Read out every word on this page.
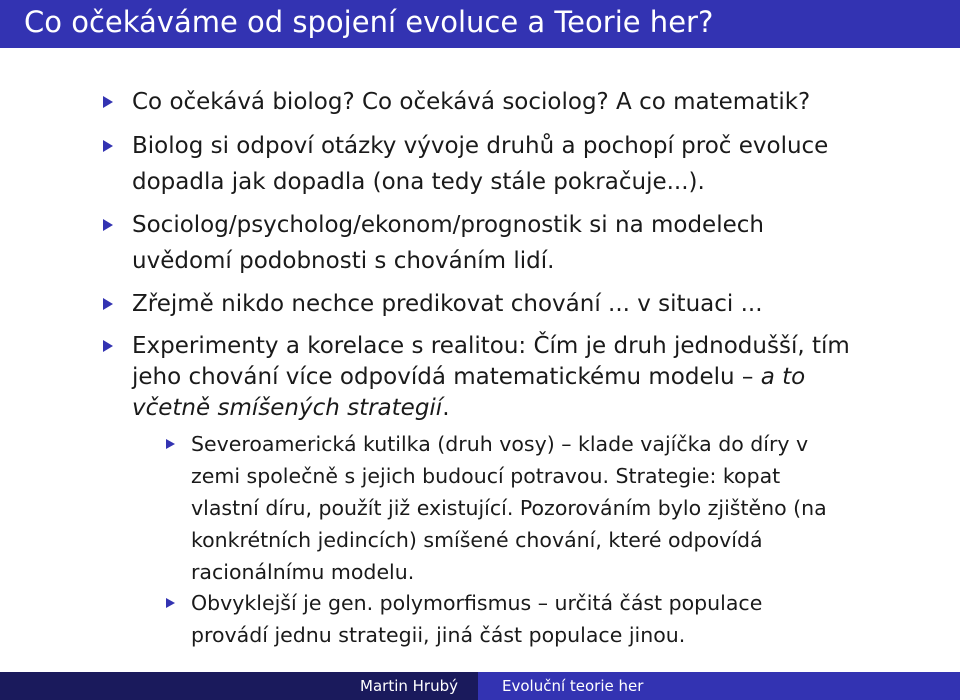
Co očekáváme od spojení evoluce a Teorie her?
Co očekává biolog? Co očekává sociolog? A co matematik?
Biolog si odpoví otázky vývoje druhů a pochopí proč evoluce
dopadla jak dopadla (ona tedy stále pokračuje...).
Sociolog/psycholog/ekonom/prognostik si na modelech
uvědomí podobnosti s chováním lidí.
Zřejmě nikdo nechce predikovat chování ... v situaci ...
Experimenty a korelace s realitou: Čím je druh jednodušší, tím
jeho chování více odpovídá matematickému modelu – a to
včetně smíšených strategií.
Severoamerická kutilka (druh vosy) – klade vajíčka do díry v
zemi společně s jejich budoucí potravou. Strategie: kopat
vlastní díru, použít již existující. Pozorováním bylo zjištěno (na
konkrétních jedincích) smíšené chování, které odpovídá
racionálnímu modelu.
Obvyklejší je gen. polymorfismus – určitá část populace
provádí jednu strategii, jiná část populace jinou.
Martin Hrubý	Evoluční teorie her
